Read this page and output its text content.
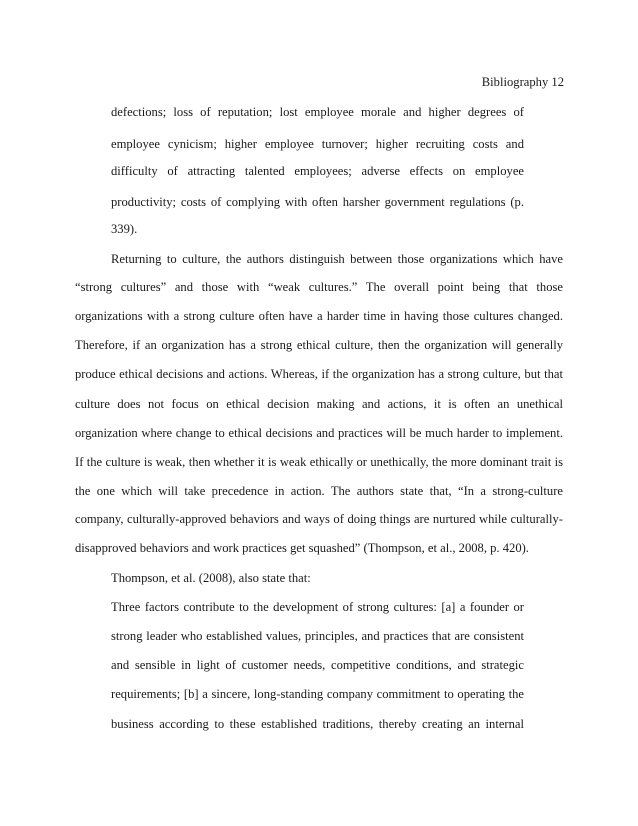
Bibliography 12
defections; loss of reputation; lost employee morale and higher degrees of
employee cynicism; higher employee turnover; higher recruiting costs and
difficulty of attracting talented employees; adverse effects on employee
productivity; costs of complying with often harsher government regulations (p.
339).
Returning to culture, the authors distinguish between those organizations which have
“strong cultures” and those with “weak cultures.” The overall point being that those
organizations with a strong culture often have a harder time in having those cultures changed.
Therefore, if an organization has a strong ethical culture, then the organization will generally
produce ethical decisions and actions. Whereas, if the organization has a strong culture, but that
culture does not focus on ethical decision making and actions, it is often an unethical
organization where change to ethical decisions and practices will be much harder to implement.
If the culture is weak, then whether it is weak ethically or unethically, the more dominant trait is
the one which will take precedence in action. The authors state that, “In a strong-culture
company, culturally-approved behaviors and ways of doing things are nurtured while culturally-
disapproved behaviors and work practices get squashed” (Thompson, et al., 2008, p. 420).
Thompson, et al. (2008), also state that:
Three factors contribute to the development of strong cultures: [a] a founder or
strong leader who established values, principles, and practices that are consistent
and sensible in light of customer needs, competitive conditions, and strategic
requirements; [b] a sincere, long-standing company commitment to operating the
business according to these established traditions, thereby creating an internal
